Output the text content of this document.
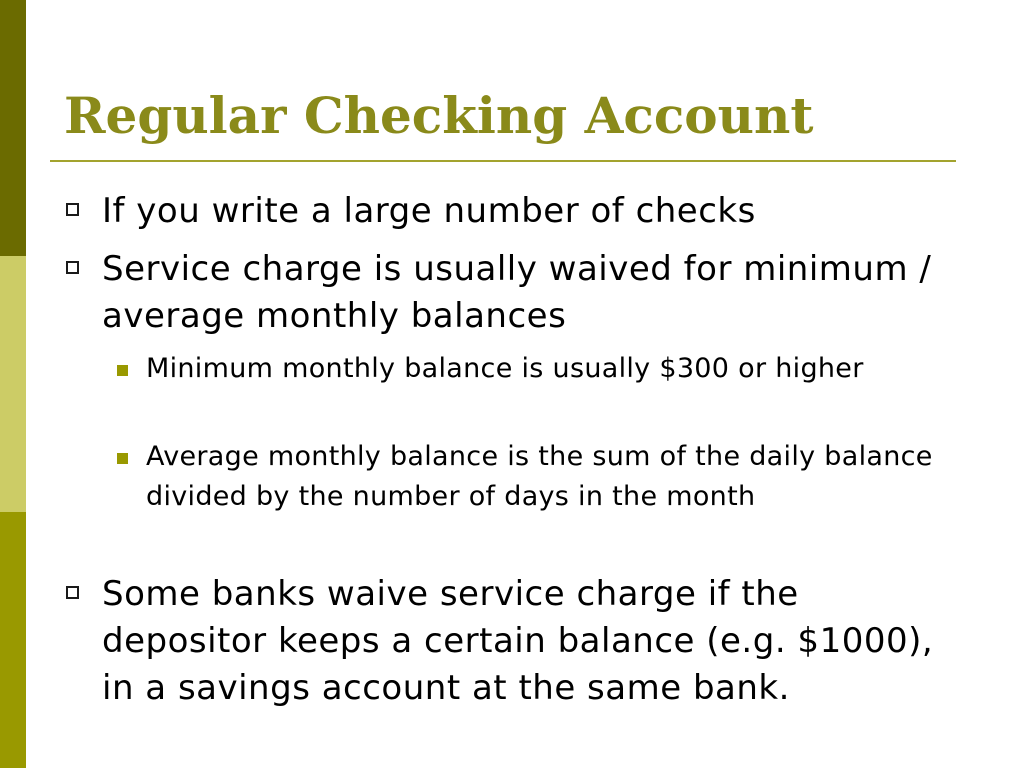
Regular Checking Account
If you write a large number of checks
Service charge is usually waived for minimum / average monthly balances
Minimum monthly balance is usually $300 or higher
Average monthly balance is the sum of the daily balance divided by the number of days in the month
Some banks waive service charge if the depositor keeps a certain balance (e.g. $1000), in a savings account at the same bank.
